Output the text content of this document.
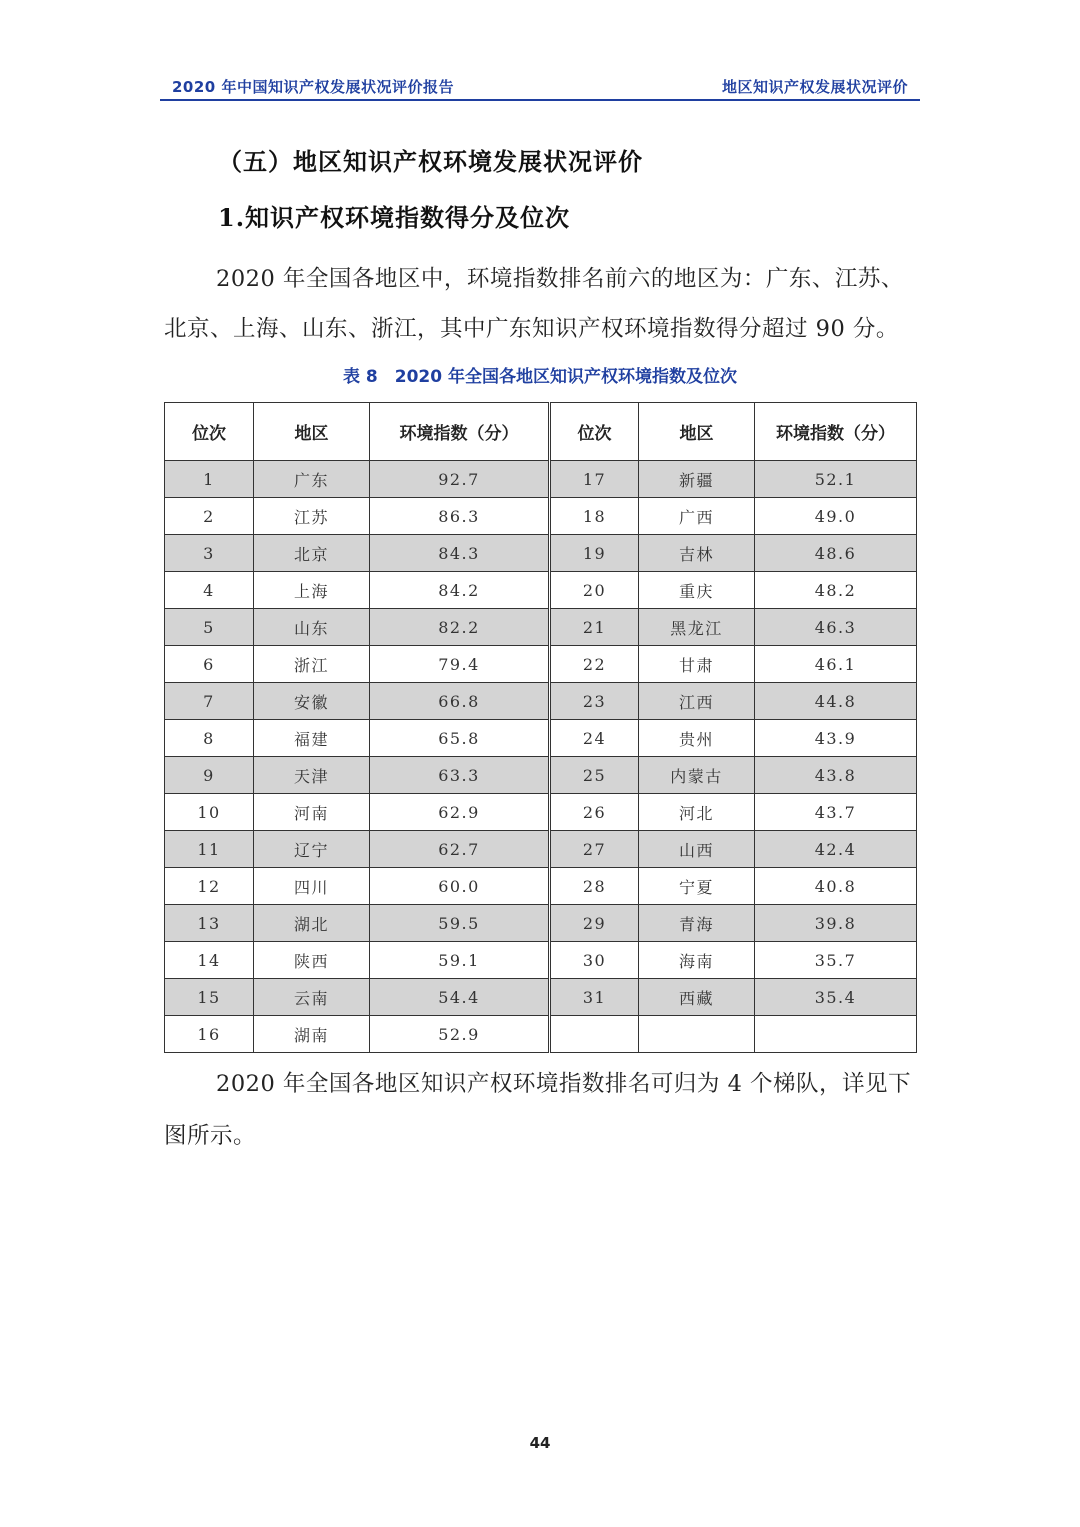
2020 年中国知识产权发展状况评价报告	地区知识产权发展状况评价
（五）地区知识产权环境发展状况评价
1.知识产权环境指数得分及位次

2020 年全国各地区中，环境指数排名前六的地区为：广东、江苏、北京、上海、山东、浙江，其中广东知识产权环境指数得分超过 90 分。

表 8　2020 年全国各地区知识产权环境指数及位次
位次	地区	环境指数（分）	位次	地区	环境指数（分）
1	广东	92.7	17	新疆	52.1
2	江苏	86.3	18	广西	49.0
3	北京	84.3	19	吉林	48.6
4	上海	84.2	20	重庆	48.2
5	山东	82.2	21	黑龙江	46.3
6	浙江	79.4	22	甘肃	46.1
7	安徽	66.8	23	江西	44.8
8	福建	65.8	24	贵州	43.9
9	天津	63.3	25	内蒙古	43.8
10	河南	62.9	26	河北	43.7
11	辽宁	62.7	27	山西	42.4
12	四川	60.0	28	宁夏	40.8
13	湖北	59.5	29	青海	39.8
14	陕西	59.1	30	海南	35.7
15	云南	54.4	31	西藏	35.4
16	湖南	52.9			

2020 年全国各地区知识产权环境指数排名可归为 4 个梯队，详见下图所示。

44
